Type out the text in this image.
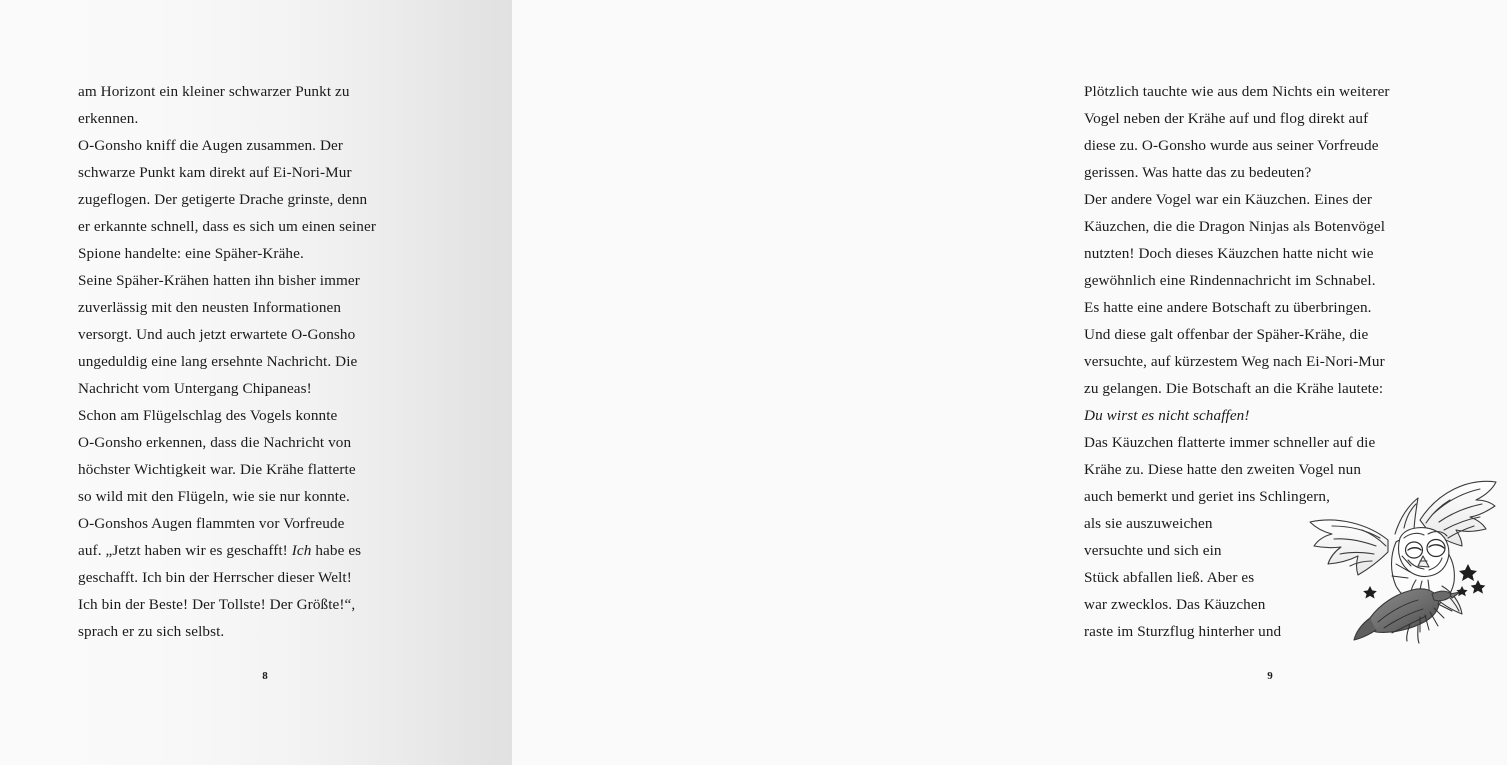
am Horizont ein kleiner schwarzer Punkt zu
erkennen.
O-Gonsho kniff die Augen zusammen. Der
schwarze Punkt kam direkt auf Ei-Nori-Mur
zugeflogen. Der getigerte Drache grinste, denn
er erkannte schnell, dass es sich um einen seiner
Spione handelte: eine Späher-Krähe.
Seine Späher-Krähen hatten ihn bisher immer
zuverlässig mit den neusten Informationen
versorgt. Und auch jetzt erwartete O-Gonsho
ungeduldig eine lang ersehnte Nachricht. Die
Nachricht vom Untergang Chipaneas!
Schon am Flügelschlag des Vogels konnte
O-Gonsho erkennen, dass die Nachricht von
höchster Wichtigkeit war. Die Krähe flatterte
so wild mit den Flügeln, wie sie nur konnte.
O-Gonshos Augen flammten vor Vorfreude
auf. „Jetzt haben wir es geschafft! Ich habe es
geschafft. Ich bin der Herrscher dieser Welt!
Ich bin der Beste! Der Tollste! Der Größte!“,
sprach er zu sich selbst.
8
Plötzlich tauchte wie aus dem Nichts ein weiterer
Vogel neben der Krähe auf und flog direkt auf
diese zu. O-Gonsho wurde aus seiner Vorfreude
gerissen. Was hatte das zu bedeuten?
Der andere Vogel war ein Käuzchen. Eines der
Käuzchen, die die Dragon Ninjas als Botenvögel
nutzten! Doch dieses Käuzchen hatte nicht wie
gewöhnlich eine Rindennachricht im Schnabel.
Es hatte eine andere Botschaft zu überbringen.
Und diese galt offenbar der Späher-Krähe, die
versuchte, auf kürzestem Weg nach Ei-Nori-Mur
zu gelangen. Die Botschaft an die Krähe lautete:
Du wirst es nicht schaffen!
Das Käuzchen flatterte immer schneller auf die
Krähe zu. Diese hatte den zweiten Vogel nun
auch bemerkt und geriet ins Schlingern,
als sie auszuweichen
versuchte und sich ein
Stück abfallen ließ. Aber es
war zwecklos. Das Käuzchen
raste im Sturzflug hinterher und
9
